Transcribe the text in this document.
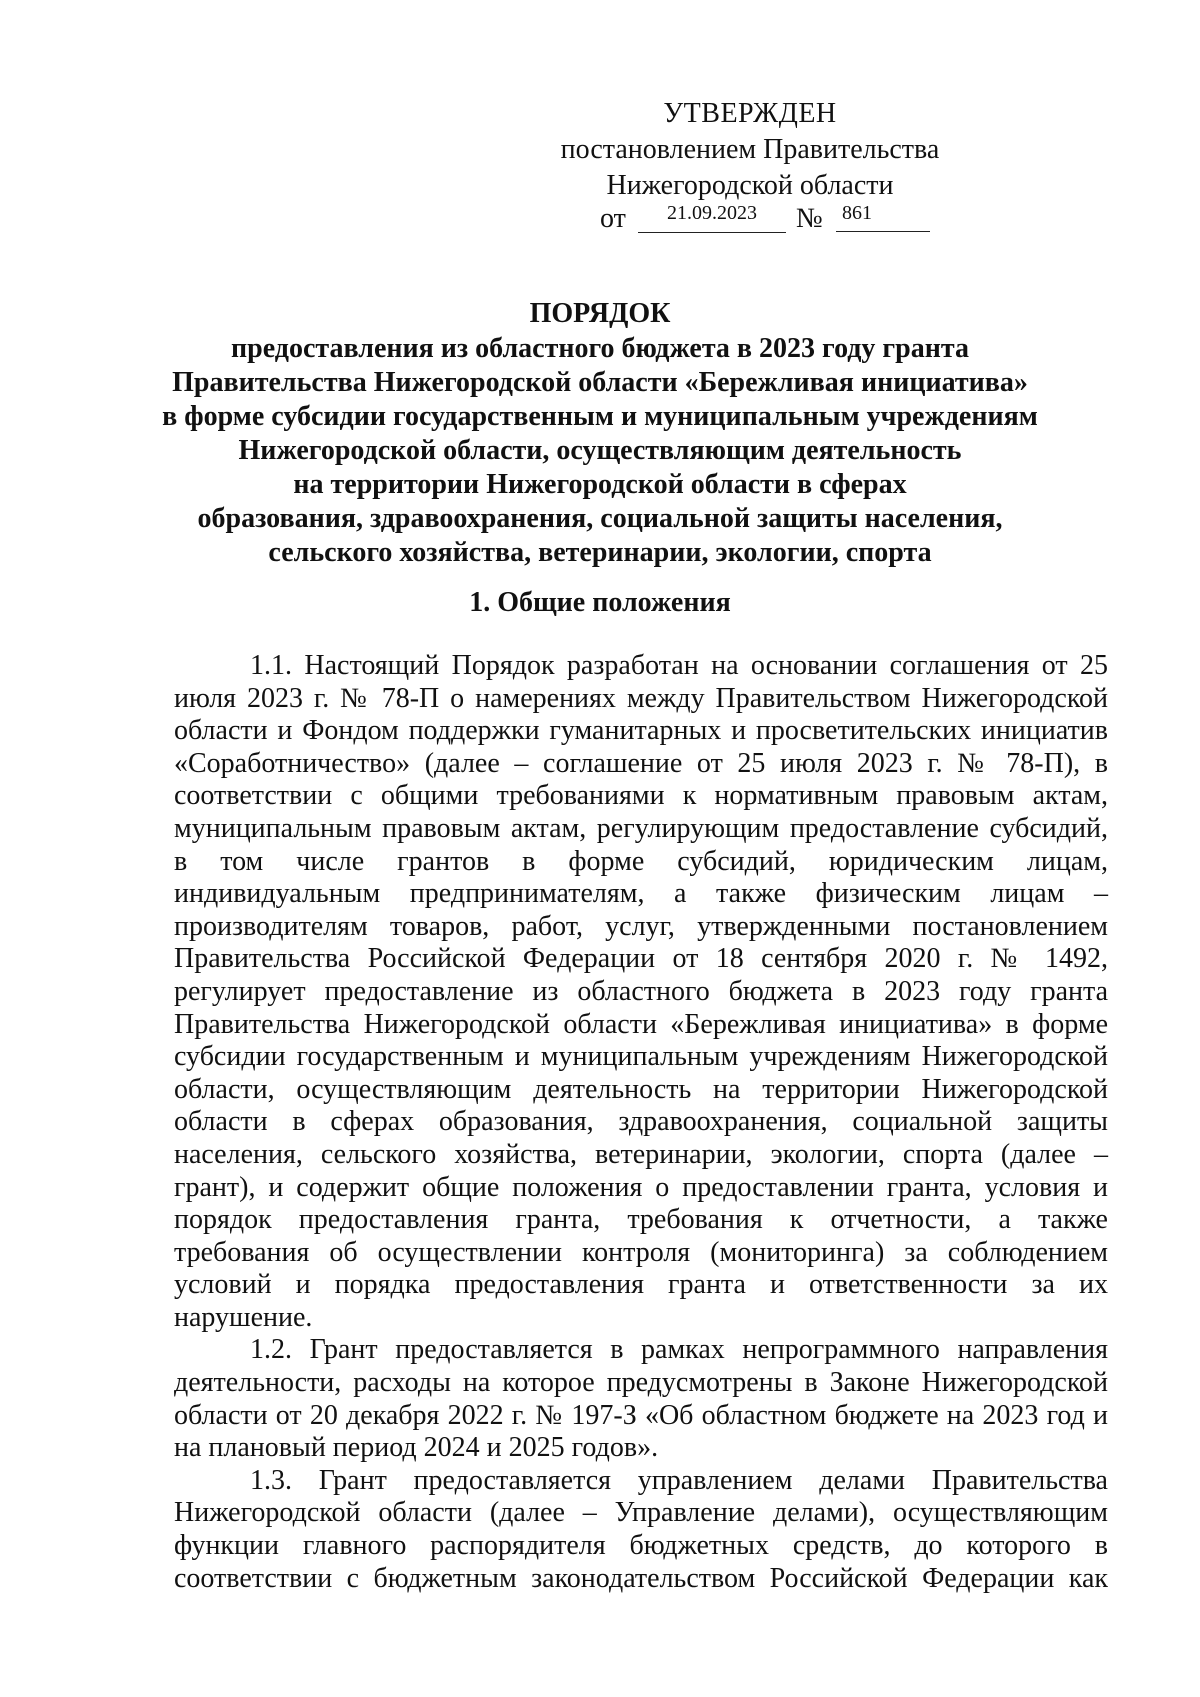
УТВЕРЖДЕН
постановлением Правительства
Нижегородской области
от	21.09.2023	№ 861
ПОРЯДОК
предоставления из областного бюджета в 2023 году гранта
Правительства Нижегородской области «Бережливая инициатива»
в форме субсидии государственным и муниципальным учреждениям
Нижегородской области, осуществляющим деятельность
на территории Нижегородской области в сферах
образования, здравоохранения, социальной защиты населения,
сельского хозяйства, ветеринарии, экологии, спорта
1. Общие положения

1.1. Настоящий Порядок разработан на основании соглашения от 25 июля 2023 г. № 78-П о намерениях между Правительством Нижегородской области и Фондом поддержки гуманитарных и просветительских инициатив «Соработничество» (далее – соглашение от 25 июля 2023 г. № 78-П), в соответствии с общими требованиями к нормативным правовым актам, муниципальным правовым актам, регулирующим предоставление субсидий, в том числе грантов в форме субсидий, юридическим лицам, индивидуальным предпринимателям, а также физическим лицам – производителям товаров, работ, услуг, утвержденными постановлением Правительства Российской Федерации от 18 сентября 2020 г. № 1492, регулирует предоставление из областного бюджета в 2023 году гранта Правительства Нижегородской области «Бережливая инициатива» в форме субсидии государственным и муниципальным учреждениям Нижегородской области, осуществляющим деятельность на территории Нижегородской области в сферах образования, здравоохранения, социальной защиты населения, сельского хозяйства, ветеринарии, экологии, спорта (далее – грант), и содержит общие положения о предоставлении гранта, условия и порядок предоставления гранта, требования к отчетности, а также требования об осуществлении контроля (мониторинга) за соблюдением условий и порядка предоставления гранта и ответственности за их нарушение.

1.2. Грант предоставляется в рамках непрограммного направления деятельности, расходы на которое предусмотрены в Законе Нижегородской области от 20 декабря 2022 г. № 197-З «Об областном бюджете на 2023 год и на плановый период 2024 и 2025 годов».

1.3. Грант предоставляется управлением делами Правительства Нижегородской области (далее – Управление делами), осуществляющим функции главного распорядителя бюджетных средств, до которого в соответствии с бюджетным законодательством Российской Федерации как
